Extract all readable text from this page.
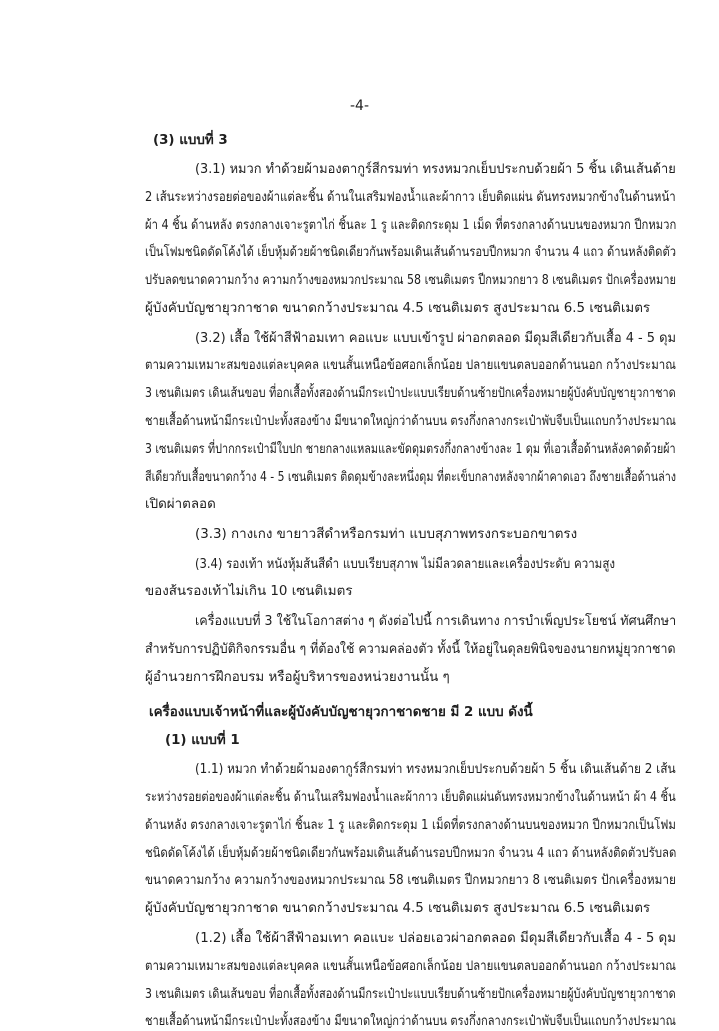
-4-
(3) แบบที่ 3
(3.1) หมวก ทำด้วยผ้ามองตากูร์สีกรมท่า ทรงหมวกเย็บประกบด้วยผ้า 5 ชิ้น เดินเส้นด้าย
2 เส้นระหว่างรอยต่อของผ้าแต่ละชิ้น ด้านในเสริมฟองน้ำและผ้ากาว เย็บติดแผ่น ดันทรงหมวกข้างในด้านหน้า
ผ้า 4 ชิ้น ด้านหลัง ตรงกลางเจาะรูตาไก่ ชิ้นละ 1 รู และติดกระดุม 1 เม็ด ที่ตรงกลางด้านบนของหมวก ปีกหมวก
เป็นโฟมชนิดดัดโค้งได้ เย็บหุ้มด้วยผ้าชนิดเดียวกันพร้อมเดินเส้นด้านรอบปีกหมวก จำนวน 4 แถว ด้านหลังติดตัว
ปรับลดขนาดความกว้าง ความกว้างของหมวกประมาณ 58 เซนติเมตร ปีกหมวกยาว 8 เซนติเมตร ปักเครื่องหมาย
ผู้บังคับบัญชายุวกาชาด ขนาดกว้างประมาณ 4.5 เซนติเมตร สูงประมาณ 6.5 เซนติเมตร
(3.2) เสื้อ ใช้ผ้าสีฟ้าอมเทา คอแบะ แบบเข้ารูป ผ่าอกตลอด มีดุมสีเดียวกับเสื้อ 4 - 5 ดุม
ตามความเหมาะสมของแต่ละบุคคล แขนสั้นเหนือข้อศอกเล็กน้อย ปลายแขนตลบออกด้านนอก กว้างประมาณ
3 เซนติเมตร เดินเส้นขอบ ที่อกเสื้อทั้งสองด้านมีกระเป๋าปะแบบเรียบด้านซ้ายปักเครื่องหมายผู้บังคับบัญชายุวกาชาด
ชายเสื้อด้านหน้ามีกระเป๋าปะทั้งสองข้าง มีขนาดใหญ่กว่าด้านบน ตรงกึ่งกลางกระเป๋าพับจีบเป็นแถบกว้างประมาณ
3 เซนติเมตร ที่ปากกระเป๋ามีใบปก ชายกลางแหลมและขัดดุมตรงกึ่งกลางข้างละ 1 ดุม ที่เอวเสื้อด้านหลังคาดด้วยผ้า
สีเดียวกับเสื้อขนาดกว้าง 4 - 5 เซนติเมตร ติดดุมข้างละหนึ่งดุม ที่ตะเข็บกลางหลังจากผ้าคาดเอว ถึงชายเสื้อด้านล่าง
เปิดผ่าตลอด
(3.3) กางเกง ขายาวสีดำหรือกรมท่า แบบสุภาพทรงกระบอกขาตรง
(3.4) รองเท้า หนังหุ้มส้นสีดำ แบบเรียบสุภาพ ไม่มีลวดลายและเครื่องประดับ ความสูง
ของส้นรองเท้าไม่เกิน 10 เซนติเมตร
เครื่องแบบที่ 3 ใช้ในโอกาสต่าง ๆ ดังต่อไปนี้ การเดินทาง การบำเพ็ญประโยชน์ ทัศนศึกษา
สำหรับการปฏิบัติกิจกรรมอื่น ๆ ที่ต้องใช้ ความคล่องตัว ทั้งนี้ ให้อยู่ในดุลยพินิจของนายกหมู่ยุวกาชาด
ผู้อำนวยการฝึกอบรม หรือผู้บริหารของหน่วยงานนั้น ๆ
เครื่องแบบเจ้าหน้าที่และผู้บังคับบัญชายุวกาชาดชาย มี 2 แบบ ดังนี้
(1) แบบที่ 1
(1.1) หมวก ทำด้วยผ้ามองตากูร์สีกรมท่า ทรงหมวกเย็บประกบด้วยผ้า 5 ชิ้น เดินเส้นด้าย 2 เส้น
ระหว่างรอยต่อของผ้าแต่ละชิ้น ด้านในเสริมฟองน้ำและผ้ากาว เย็บติดแผ่นดันทรงหมวกข้างในด้านหน้า ผ้า 4 ชิ้น
ด้านหลัง ตรงกลางเจาะรูตาไก่ ชิ้นละ 1 รู และติดกระดุม 1 เม็ดที่ตรงกลางด้านบนของหมวก ปีกหมวกเป็นโฟม
ชนิดดัดโค้งได้ เย็บหุ้มด้วยผ้าชนิดเดียวกันพร้อมเดินเส้นด้านรอบปีกหมวก จำนวน 4 แถว ด้านหลังติดตัวปรับลด
ขนาดความกว้าง ความกว้างของหมวกประมาณ 58 เซนติเมตร ปีกหมวกยาว 8 เซนติเมตร ปักเครื่องหมาย
ผู้บังคับบัญชายุวกาชาด ขนาดกว้างประมาณ 4.5 เซนติเมตร สูงประมาณ 6.5 เซนติเมตร
(1.2) เสื้อ ใช้ผ้าสีฟ้าอมเทา คอแบะ ปล่อยเอวผ่าอกตลอด มีดุมสีเดียวกับเสื้อ 4 - 5 ดุม
ตามความเหมาะสมของแต่ละบุคคล แขนสั้นเหนือข้อศอกเล็กน้อย ปลายแขนตลบออกด้านนอก กว้างประมาณ
3 เซนติเมตร เดินเส้นขอบ ที่อกเสื้อทั้งสองด้านมีกระเป๋าปะแบบเรียบด้านซ้ายปักเครื่องหมายผู้บังคับบัญชายุวกาชาด
ชายเสื้อด้านหน้ามีกระเป๋าปะทั้งสองข้าง มีขนาดใหญ่กว่าด้านบน ตรงกึ่งกลางกระเป๋าพับจีบเป็นแถบกว้างประมาณ
